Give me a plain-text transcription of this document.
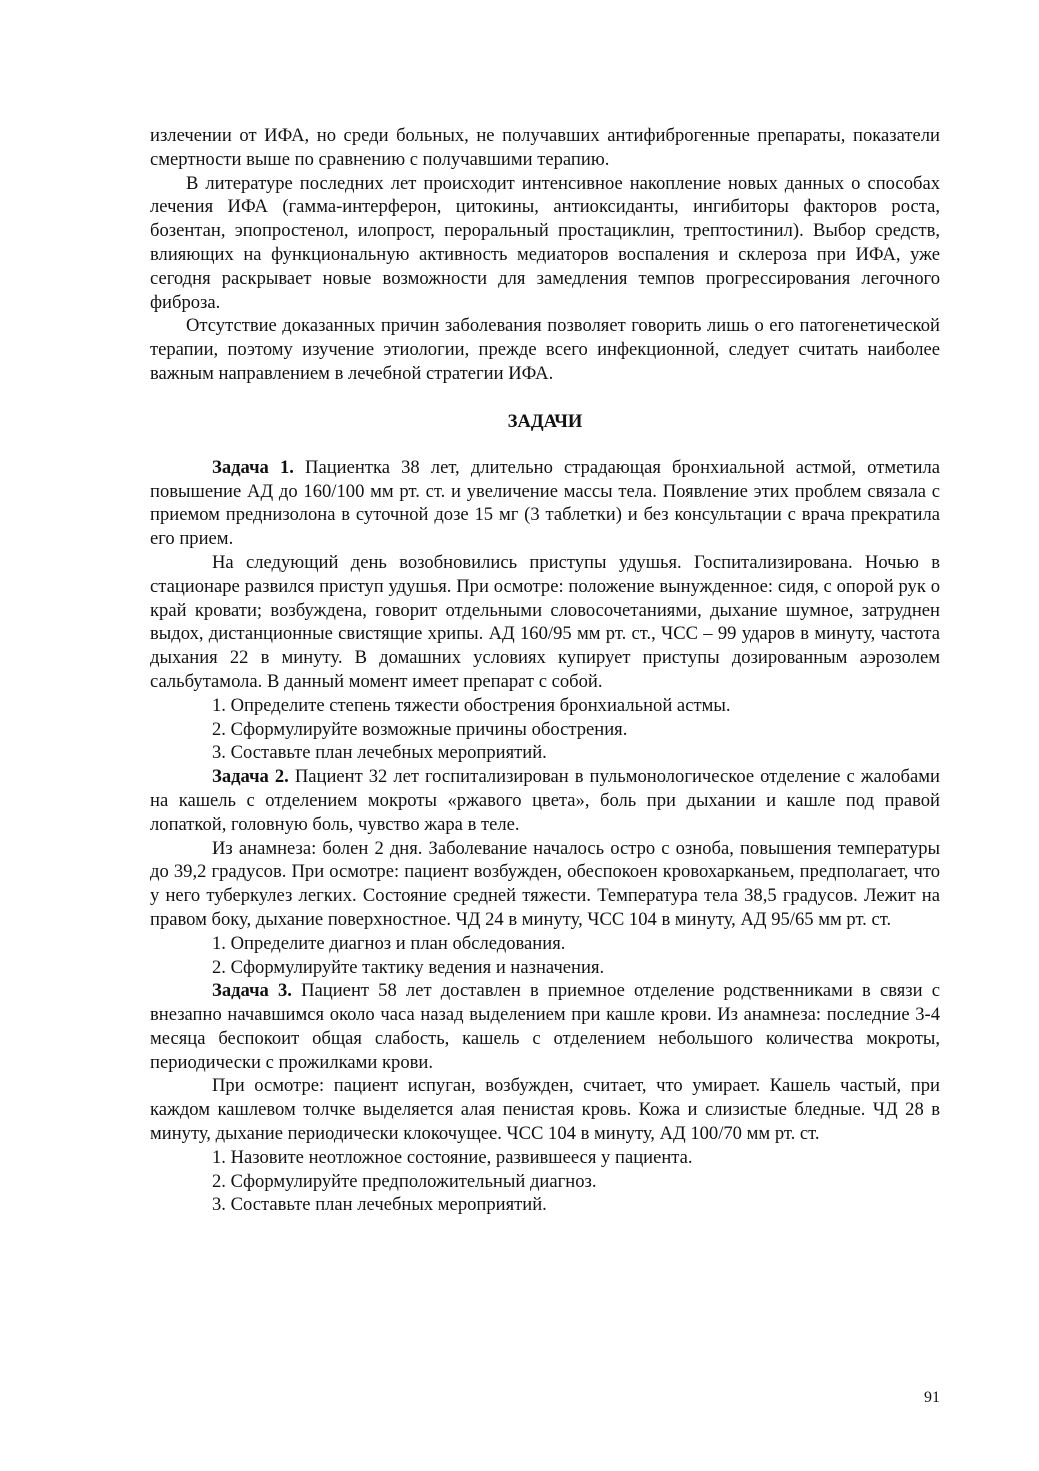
излечении от ИФА, но среди больных, не получавших антифиброгенные препараты, показатели смертности выше по сравнению с получавшими терапию.

В литературе последних лет происходит интенсивное накопление новых данных о способах лечения ИФА (гамма-интерферон, цитокины, антиоксиданты, ингибиторы факторов роста, бозентан, эпопростенол, илопрост, пероральный простациклин, трептостинил). Выбор средств, влияющих на функциональную активность медиаторов воспаления и склероза при ИФА, уже сегодня раскрывает новые возможности для замедления темпов прогрессирования легочного фиброза.

Отсутствие доказанных причин заболевания позволяет говорить лишь о его патогенетической терапии, поэтому изучение этиологии, прежде всего инфекционной, следует считать наиболее важным направлением в лечебной стратегии ИФА.

ЗАДАЧИ

Задача 1. Пациентка 38 лет, длительно страдающая бронхиальной астмой, отметила повышение АД до 160/100 мм рт. ст. и увеличение массы тела. Появление этих проблем связала с приемом преднизолона в суточной дозе 15 мг (3 таблетки) и без консультации с врача прекратила его прием.

На следующий день возобновились приступы удушья. Госпитализирована. Ночью в стационаре развился приступ удушья. При осмотре: положение вынужденное: сидя, с опорой рук о край кровати; возбуждена, говорит отдельными словосочетаниями, дыхание шумное, затруднен выдох, дистанционные свистящие хрипы. АД 160/95 мм рт. ст., ЧСС – 99 ударов в минуту, частота дыхания 22 в минуту. В домашних условиях купирует приступы дозированным аэрозолем сальбутамола. В данный момент имеет препарат с собой.

1. Определите степень тяжести обострения бронхиальной астмы.

2. Сформулируйте возможные причины обострения.

3. Составьте план лечебных мероприятий.

Задача 2. Пациент 32 лет госпитализирован в пульмонологическое отделение с жалобами на кашель с отделением мокроты «ржавого цвета», боль при дыхании и кашле под правой лопаткой, головную боль, чувство жара в теле.

Из анамнеза: болен 2 дня. Заболевание началось остро с озноба, повышения температуры до 39,2 градусов. При осмотре: пациент возбужден, обеспокоен кровохарканьем, предполагает, что у него туберкулез легких. Состояние средней тяжести. Температура тела 38,5 градусов. Лежит на правом боку, дыхание поверхностное. ЧД 24 в минуту, ЧСС 104 в минуту, АД 95/65 мм рт. ст.

1. Определите диагноз и план обследования.

2. Сформулируйте тактику ведения и назначения.

Задача 3. Пациент 58 лет доставлен в приемное отделение родственниками в связи с внезапно начавшимся около часа назад выделением при кашле крови. Из анамнеза: последние 3-4 месяца беспокоит общая слабость, кашель с отделением небольшого количества мокроты, периодически с прожилками крови.

При осмотре: пациент испуган, возбужден, считает, что умирает. Кашель частый, при каждом кашлевом толчке выделяется алая пенистая кровь. Кожа и слизистые бледные. ЧД 28 в минуту, дыхание периодически клокочущее. ЧСС 104 в минуту, АД 100/70 мм рт. ст.

1. Назовите неотложное состояние, развившееся у пациента.

2. Сформулируйте предположительный диагноз.

3. Составьте план лечебных мероприятий.

91
